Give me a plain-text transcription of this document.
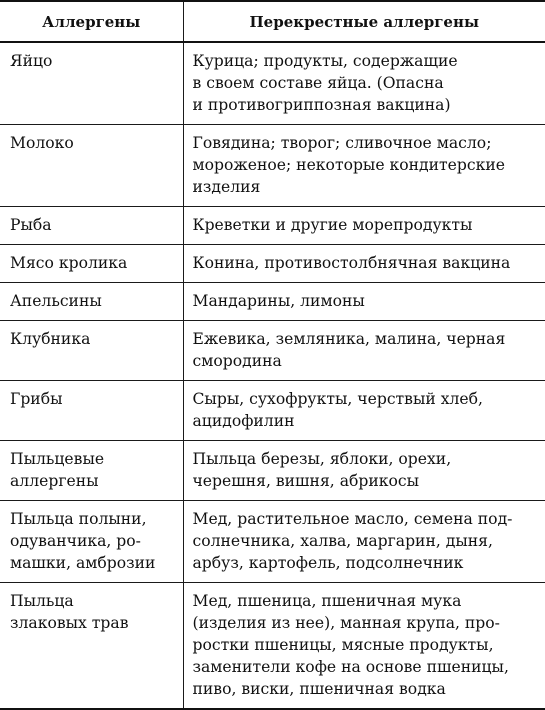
Аллергены	Перекрестные аллергены

Яйцо	Курица; продукты, содержащие
в своем составе яйца. (Опасна
и противогриппозная вакцина)

Молоко	Говядина; творог; сливочное масло;
мороженое; некоторые кондитерские
изделия

Рыба	Креветки и другие морепродукты

Мясо кролика	Конина, противостолбнячная вакцина

Апельсины	Мандарины, лимоны

Клубника	Ежевика, земляника, малина, черная
смородина

Грибы	Сыры, сухофрукты, черствый хлеб,
ацидофилин

Пыльцевые
аллергены	Пыльца березы, яблоки, орехи,
черешня, вишня, абрикосы

Пыльца полыни,
одуванчика, ро-
машки, амброзии	Мед, растительное масло, семена под-
солнечника, халва, маргарин, дыня,
арбуз, картофель, подсолнечник

Пыльца
злаковых трав	Мед, пшеница, пшеничная мука
(изделия из нее), манная крупа, про-
ростки пшеницы, мясные продукты,
заменители кофе на основе пшеницы,
пиво, виски, пшеничная водка
